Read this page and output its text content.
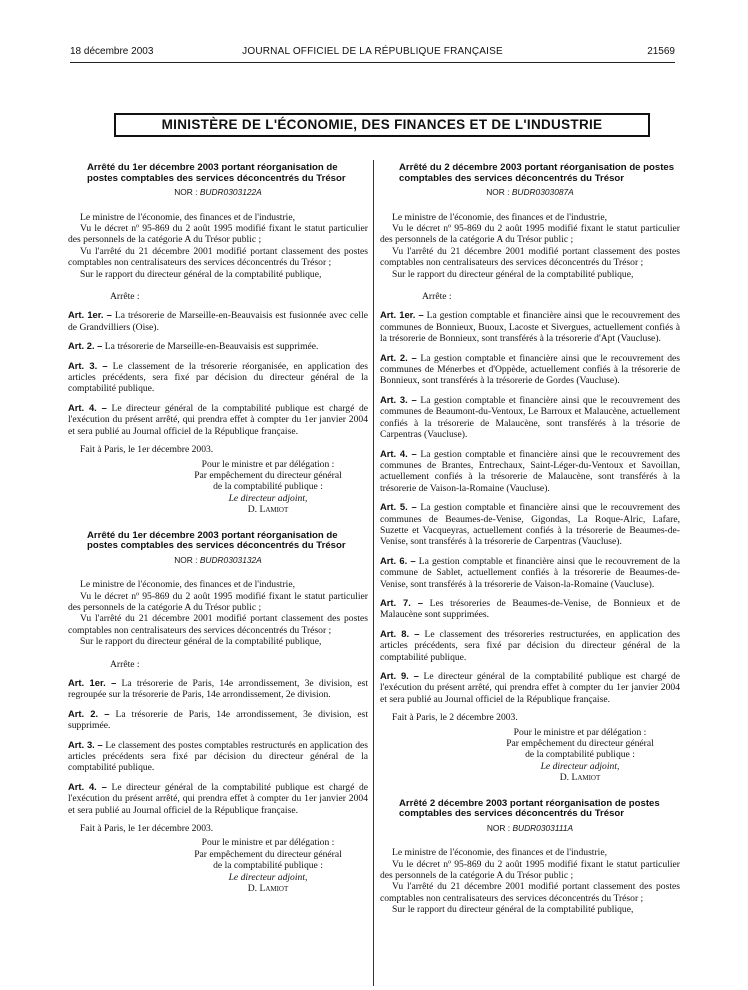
18 décembre 2003	JOURNAL OFFICIEL DE LA RÉPUBLIQUE FRANÇAISE	21569
MINISTÈRE DE L'ÉCONOMIE, DES FINANCES ET DE L'INDUSTRIE
Arrêté du 1er décembre 2003 portant réorganisation de postes comptables des services déconcentrés du Trésor
NOR : BUDR0303122A

Le ministre de l'économie, des finances et de l'industrie,

Vu le décret nº 95-869 du 2 août 1995 modifié fixant le statut particulier des personnels de la catégorie A du Trésor public ;

Vu l'arrêté du 21 décembre 2001 modifié portant classement des postes comptables non centralisateurs des services déconcentrés du Trésor ;

Sur le rapport du directeur général de la comptabilité publique,

Arrête :

Art. 1er. – La trésorerie de Marseille-en-Beauvaisis est fusionnée avec celle de Grandvilliers (Oise).

Art. 2. – La trésorerie de Marseille-en-Beauvaisis est supprimée.

Art. 3. – Le classement de la trésorerie réorganisée, en application des articles précédents, sera fixé par décision du directeur général de la comptabilité publique.

Art. 4. – Le directeur général de la comptabilité publique est chargé de l'exécution du présent arrêté, qui prendra effet à compter du 1er janvier 2004 et sera publié au Journal officiel de la République française.

Fait à Paris, le 1er décembre 2003.

Pour le ministre et par délégation :
Par empêchement du directeur général
de la comptabilité publique :
Le directeur adjoint,
D. Lamiot
Arrêté du 1er décembre 2003 portant réorganisation de postes comptables des services déconcentrés du Trésor
NOR : BUDR0303132A

Le ministre de l'économie, des finances et de l'industrie,

Vu le décret nº 95-869 du 2 août 1995 modifié fixant le statut particulier des personnels de la catégorie A du Trésor public ;

Vu l'arrêté du 21 décembre 2001 modifié portant classement des postes comptables non centralisateurs des services déconcentrés du Trésor ;

Sur le rapport du directeur général de la comptabilité publique,

Arrête :

Art. 1er. – La trésorerie de Paris, 14e arrondissement, 3e division, est regroupée sur la trésorerie de Paris, 14e arrondissement, 2e division.

Art. 2. – La trésorerie de Paris, 14e arrondissement, 3e division, est supprimée.

Art. 3. – Le classement des postes comptables restructurés en application des articles précédents sera fixé par décision du directeur général de la comptabilité publique.

Art. 4. – Le directeur général de la comptabilité publique est chargé de l'exécution du présent arrêté, qui prendra effet à compter du 1er janvier 2004 et sera publié au Journal officiel de la République française.

Fait à Paris, le 1er décembre 2003.

Pour le ministre et par délégation :
Par empêchement du directeur général
de la comptabilité publique :
Le directeur adjoint,
D. Lamiot
Arrêté du 2 décembre 2003 portant réorganisation de postes comptables des services déconcentrés du Trésor
NOR : BUDR0303087A

Le ministre de l'économie, des finances et de l'industrie,

Vu le décret nº 95-869 du 2 août 1995 modifié fixant le statut particulier des personnels de la catégorie A du Trésor public ;

Vu l'arrêté du 21 décembre 2001 modifié portant classement des postes comptables non centralisateurs des services déconcentrés du Trésor ;

Sur le rapport du directeur général de la comptabilité publique,

Arrête :

Art. 1er. – La gestion comptable et financière ainsi que le recouvrement des communes de Bonnieux, Buoux, Lacoste et Sivergues, actuellement confiés à la trésorerie de Bonnieux, sont transférés à la trésorerie d'Apt (Vaucluse).

Art. 2. – La gestion comptable et financière ainsi que le recouvrement des communes de Ménerbes et d'Oppède, actuellement confiés à la trésorerie de Bonnieux, sont transférés à la trésorerie de Gordes (Vaucluse).

Art. 3. – La gestion comptable et financière ainsi que le recouvrement des communes de Beaumont-du-Ventoux, Le Barroux et Malaucène, actuellement confiés à la trésorerie de Malaucène, sont transférés à la trésorie de Carpentras (Vaucluse).

Art. 4. – La gestion comptable et financière ainsi que le recouvrement des communes de Brantes, Entrechaux, Saint-Léger-du-Ventoux et Savoillan, actuellement confiés à la trésorerie de Malaucène, sont transférés à la trésorerie de Vaison-la-Romaine (Vaucluse).

Art. 5. – La gestion comptable et financière ainsi que le recouvrement des communes de Beaumes-de-Venise, Gigondas, La Roque-Alric, Lafare, Suzette et Vacqueyras, actuellement confiés à la trésorerie de Beaumes-de-Venise, sont transférés à la trésorerie de Carpentras (Vaucluse).

Art. 6. – La gestion comptable et financière ainsi que le recouvrement de la commune de Sablet, actuellement confiés à la trésorerie de Beaumes-de-Venise, sont transférés à la trésorerie de Vaison-la-Romaine (Vaucluse).

Art. 7. – Les trésoreries de Beaumes-de-Venise, de Bonnieux et de Malaucène sont supprimées.

Art. 8. – Le classement des trésoreries restructurées, en application des articles précédents, sera fixé par décision du directeur général de la comptabilité publique.

Art. 9. – Le directeur général de la comptabilité publique est chargé de l'exécution du présent arrêté, qui prendra effet à compter du 1er janvier 2004 et sera publié au Journal officiel de la République française.

Fait à Paris, le 2 décembre 2003.

Pour le ministre et par délégation :
Par empêchement du directeur général
de la comptabilité publique :
Le directeur adjoint,
D. Lamiot
Arrêté 2 décembre 2003 portant réorganisation de postes comptables des services déconcentrés du Trésor
NOR : BUDR0303111A

Le ministre de l'économie, des finances et de l'industrie,

Vu le décret nº 95-869 du 2 août 1995 modifié fixant le statut particulier des personnels de la catégorie A du Trésor public ;

Vu l'arrêté du 21 décembre 2001 modifié portant classement des postes comptables non centralisateurs des services déconcentrés du Trésor ;

Sur le rapport du directeur général de la comptabilité publique,
